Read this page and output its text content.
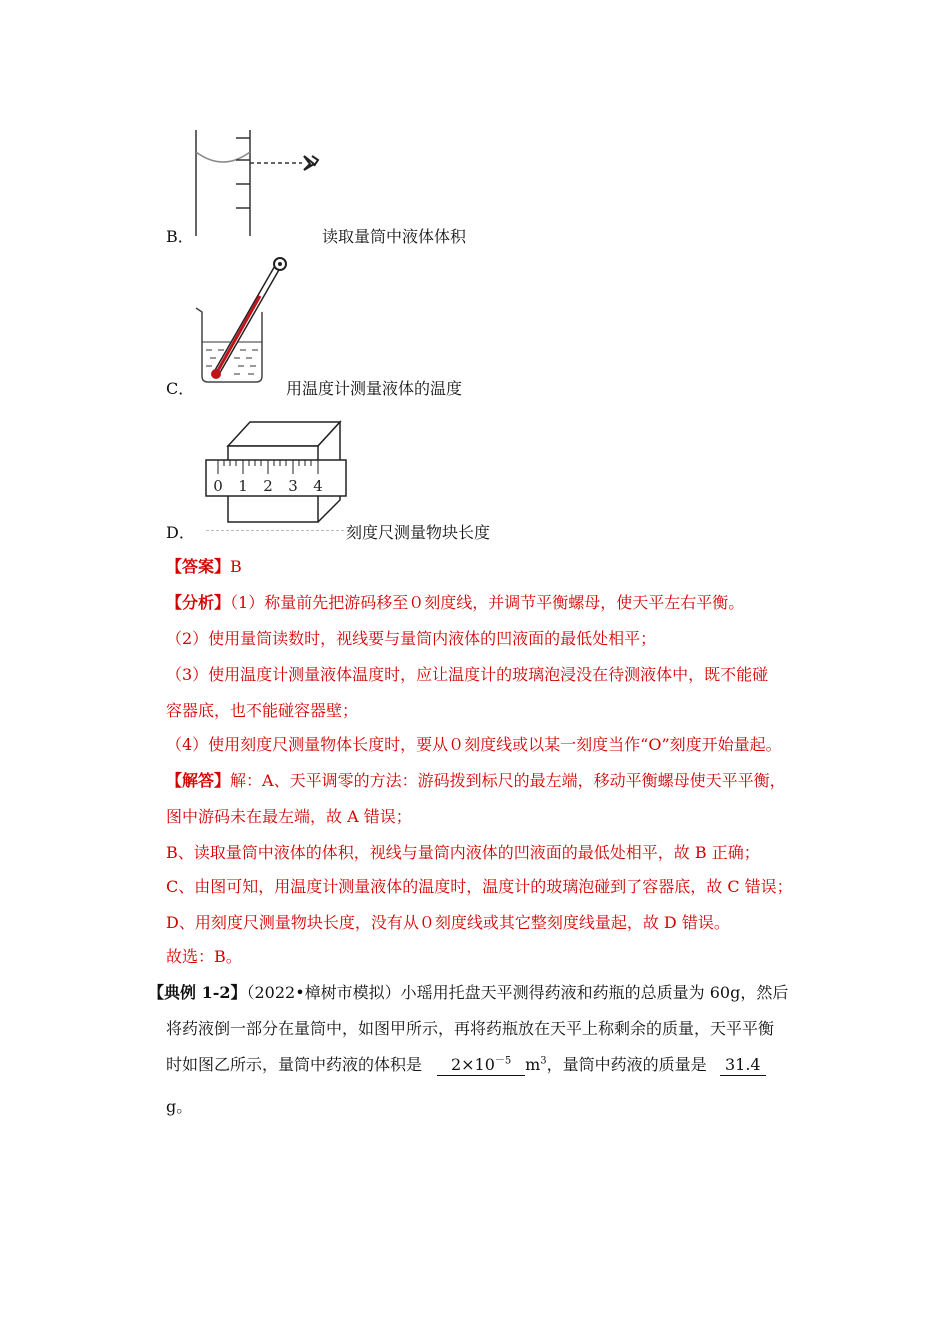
B．	读取量筒中液体体积
C．	用温度计测量液体的温度
0 1 2 3 4
D．	刻度尺测量物块长度
【答案】B
【分析】（1）称量前先把游码移至０刻度线，并调节平衡螺母，使天平左右平衡。
（2）使用量筒读数时，视线要与量筒内液体的凹液面的最低处相平；
（3）使用温度计测量液体温度时，应让温度计的玻璃泡浸没在待测液体中，既不能碰
容器底，也不能碰容器壁；
（4）使用刻度尺测量物体长度时，要从０刻度线或以某一刻度当作“O”刻度开始量起。
【解答】解：A、天平调零的方法：游码拨到标尺的最左端，移动平衡螺母使天平平衡，
图中游码未在最左端，故 A 错误；
B、读取量筒中液体的体积，视线与量筒内液体的凹液面的最低处相平，故 B 正确；
C、由图可知，用温度计测量液体的温度时，温度计的玻璃泡碰到了容器底，故 C 错误；
D、用刻度尺测量物块长度，没有从０刻度线或其它整刻度线量起，故 D 错误。
故选：B。
【典例 1-2】（2022•樟树市模拟）小瑶用托盘天平测得药液和药瓶的总质量为 60g，然后
将药液倒一部分在量筒中，如图甲所示，再将药瓶放在天平上称剩余的质量，天平平衡
时如图乙所示，量筒中药液的体积是 $2\times 10^{-5}$ $m^3$，量筒中药液的质量是 31.4
g。
